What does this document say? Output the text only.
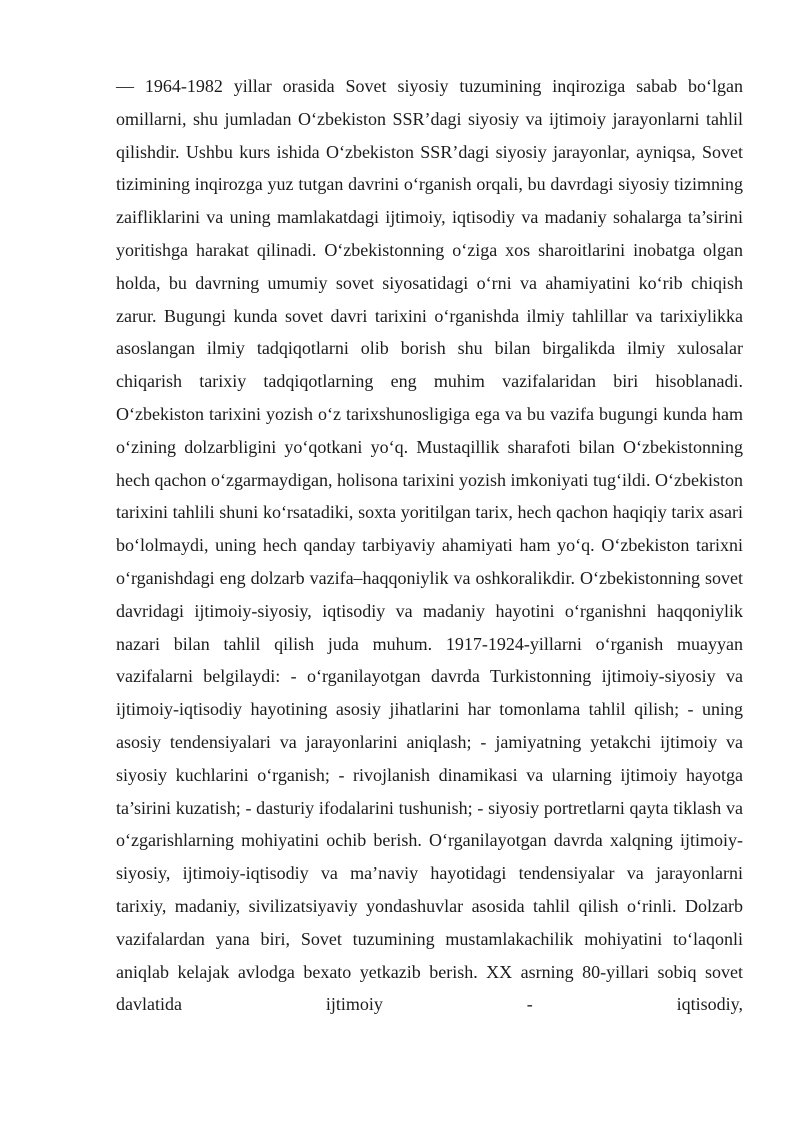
— 1964-1982 yillar orasida Sovet siyosiy tuzumining inqiroziga sabab bo‘lgan omillarni, shu jumladan O‘zbekiston SSR’dagi siyosiy va ijtimoiy jarayonlarni tahlil qilishdir. Ushbu kurs ishida O‘zbekiston SSR’dagi siyosiy jarayonlar, ayniqsa, Sovet tizimining inqirozga yuz tutgan davrini o‘rganish orqali, bu davrdagi siyosiy tizimning zaifliklarini va uning mamlakatdagi ijtimoiy, iqtisodiy va madaniy sohalarga ta’sirini yoritishga harakat qilinadi. O‘zbekistonning o‘ziga xos sharoitlarini inobatga olgan holda, bu davrning umumiy sovet siyosatidagi o‘rni va ahamiyatini ko‘rib chiqish zarur. Bugungi kunda sovet davri tarixini o‘rganishda ilmiy tahlillar va tarixiylikka asoslangan ilmiy tadqiqotlarni olib borish shu bilan birgalikda ilmiy xulosalar chiqarish tarixiy tadqiqotlarning eng muhim vazifalaridan biri hisoblanadi. O‘zbekiston tarixini yozish o‘z tarixshunosligiga ega va bu vazifa bugungi kunda ham o‘zining dolzarbligini yo‘qotkani yo‘q. Mustaqillik sharafoti bilan O‘zbekistonning hech qachon o‘zgarmaydigan, holisona tarixini yozish imkoniyati tug‘ildi. O‘zbekiston tarixini tahlili shuni ko‘rsatadiki, soxta yoritilgan tarix, hech qachon haqiqiy tarix asari bo‘lolmaydi, uning hech qanday tarbiyaviy ahamiyati ham yo‘q. O‘zbekiston tarixni o‘rganishdagi eng dolzarb vazifa–haqqoniylik va oshkoralikdir. O‘zbekistonning sovet davridagi ijtimoiy-siyosiy, iqtisodiy va madaniy hayotini o‘rganishni haqqoniylik nazari bilan tahlil qilish juda muhum. 1917-1924-yillarni o‘rganish muayyan vazifalarni belgilaydi: - o‘rganilayotgan davrda Turkistonning ijtimoiy-siyosiy va ijtimoiy-iqtisodiy hayotining asosiy jihatlarini har tomonlama tahlil qilish; - uning asosiy tendensiyalari va jarayonlarini aniqlash; - jamiyatning yetakchi ijtimoiy va siyosiy kuchlarini o‘rganish; - rivojlanish dinamikasi va ularning ijtimoiy hayotga ta’sirini kuzatish; - dasturiy ifodalarini tushunish; - siyosiy portretlarni qayta tiklash va o‘zgarishlarning mohiyatini ochib berish. O‘rganilayotgan davrda xalqning ijtimoiy-siyosiy, ijtimoiy-iqtisodiy va ma’naviy hayotidagi tendensiyalar va jarayonlarni tarixiy, madaniy, sivilizatsiyaviy yondashuvlar asosida tahlil qilish o‘rinli. Dolzarb vazifalardan yana biri, Sovet tuzumining mustamlakachilik mohiyatini to‘laqonli aniqlab kelajak avlodga bexato yetkazib berish. XX asrning 80-yillari sobiq sovet davlatida ijtimoiy - iqtisodiy,
